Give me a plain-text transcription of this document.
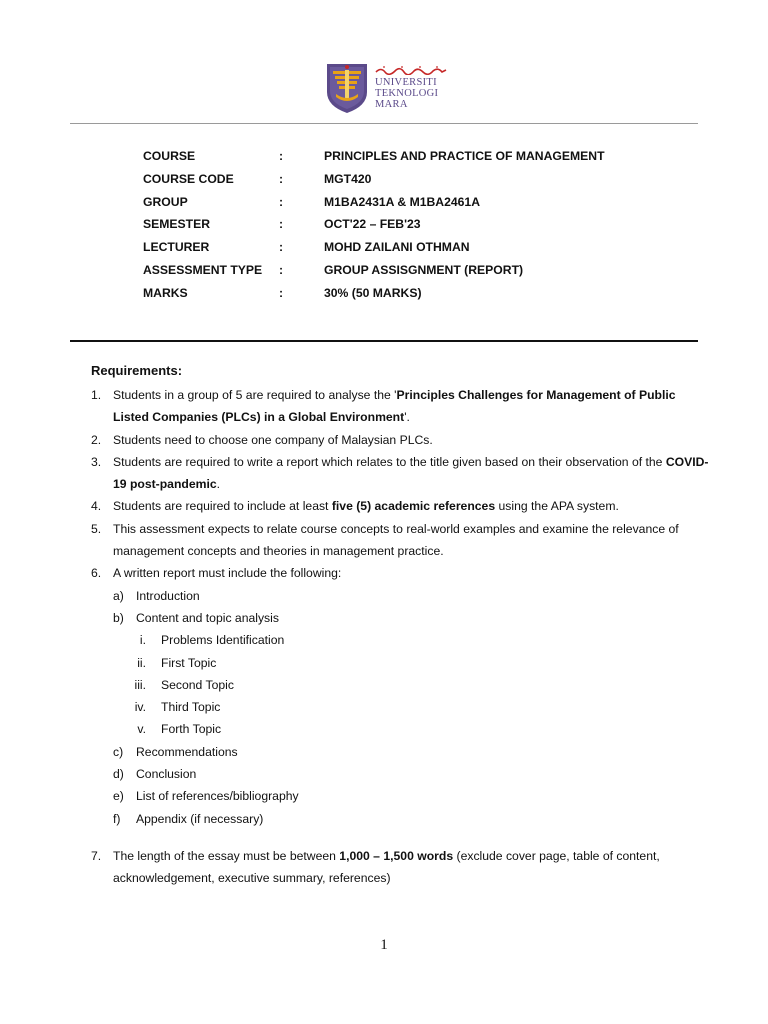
UNIVERSITI
TEKNOLOGI
MARA
COURSE	:	PRINCIPLES AND PRACTICE OF MANAGEMENT
COURSE CODE	:	MGT420
GROUP	:	M1BA2431A & M1BA2461A
SEMESTER	:	OCT'22 – FEB'23
LECTURER	:	MOHD ZAILANI OTHMAN
ASSESSMENT TYPE :	GROUP ASSISGNMENT (REPORT)
MARKS	:	30% (50 MARKS)
Requirements:
1. Students in a group of 5 are required to analyse the 'Principles Challenges for Management of Public Listed Companies (PLCs) in a Global Environment'.
2. Students need to choose one company of Malaysian PLCs.
3. Students are required to write a report which relates to the title given based on their observation of the COVID-19 post-pandemic.
4. Students are required to include at least five (5) academic references using the APA system.
5. This assessment expects to relate course concepts to real-world examples and examine the relevance of management concepts and theories in management practice.
6. A written report must include the following:
a) Introduction
b) Content and topic analysis
i. Problems Identification
ii. First Topic
iii. Second Topic
iv. Third Topic
v. Forth Topic
c) Recommendations
d) Conclusion
e) List of references/bibliography
f) Appendix (if necessary)
7. The length of the essay must be between 1,000 – 1,500 words (exclude cover page, table of content, acknowledgement, executive summary, references)
1
